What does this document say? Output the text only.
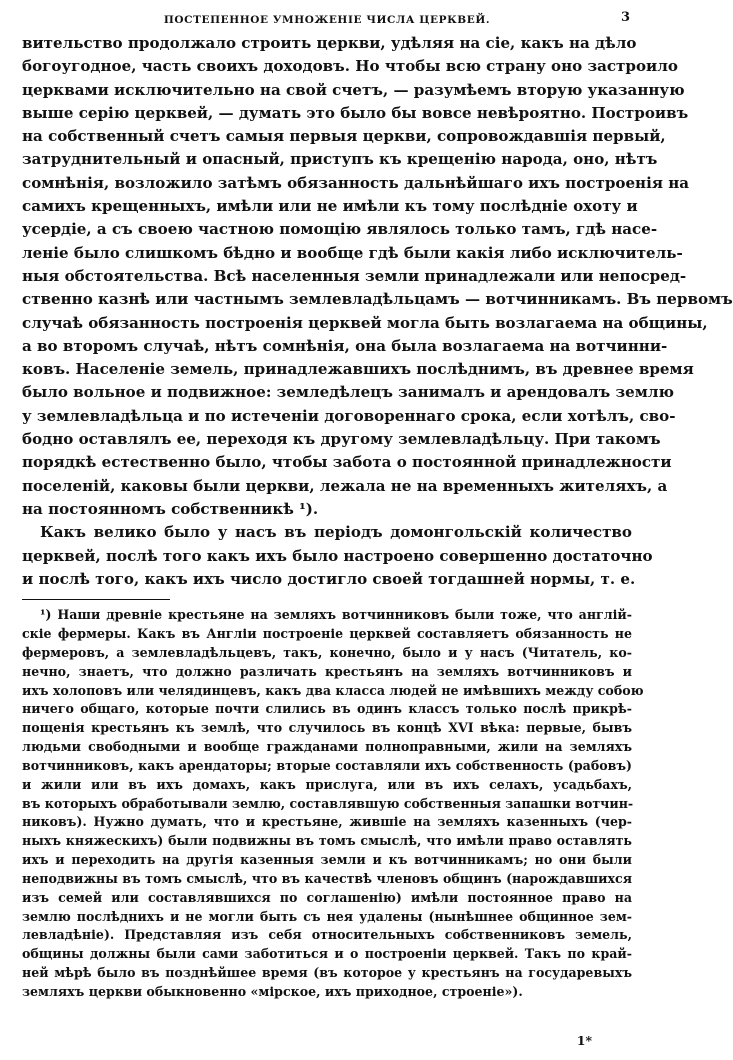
ПОСТЕПЕННОЕ УМНОЖЕНІЕ ЧИСЛА ЦЕРКВЕЙ.	3

вительство продолжало строить церкви, удѣляя на сіе, какъ на дѣло
богоугодное, часть своихъ доходовъ. Но чтобы всю страну оно застроило
церквами исключительно на свой счетъ, — разумѣемъ вторую указанную
выше серію церквей, — думать это было бы вовсе невѣроятно. Построивъ
на собственный счетъ самыя первыя церкви, сопровождавшія первый,
затруднительный и опасный, приступъ къ крещенію народа, оно, нѣтъ
сомнѣнія, возложило затѣмъ обязанность дальнѣйшаго ихъ построенія на
самихъ крещенныхъ, имѣли или не имѣли къ тому послѣдніе охоту и
усердіе, а съ своею частною помощію являлось только тамъ, гдѣ насе-
леніе было слишкомъ бѣдно и вообще гдѣ были какія либо исключитель-
ныя обстоятельства. Всѣ населенныя земли принадлежали или непосред-
ственно казнѣ или частнымъ землевладѣльцамъ — вотчинникамъ. Въ первомъ
случаѣ обязанность построенія церквей могла быть возлагаема на общины,
а во второмъ случаѣ, нѣтъ сомнѣнія, она была возлагаема на вотчинни-
ковъ. Населеніе земель, принадлежавшихъ послѣднимъ, въ древнее время
было вольное и подвижное: земледѣлецъ занималъ и арендовалъ землю
у землевладѣльца и по истеченіи договореннаго срока, если хотѣлъ, сво-
бодно оставлялъ ее, переходя къ другому землевладѣльцу. При такомъ
порядкѣ естественно было, чтобы забота о постоянной принадлежности
поселеній, каковы были церкви, лежала не на временныхъ жителяхъ, а
на постоянномъ собственникѣ ¹).

Какъ велико было у насъ въ періодъ домонгольскій количество
церквей, послѣ того какъ ихъ было настроено совершенно достаточно
и послѣ того, какъ ихъ число достигло своей тогдашней нормы, т. е.

¹) Наши древніе крестьяне на земляхъ вотчинниковъ были тоже, что англій-
скіе фермеры. Какъ въ Англіи построеніе церквей составляетъ обязанность не
фермеровъ, а землевладѣльцевъ, такъ, конечно, было и у насъ (Читатель, ко-
нечно, знаетъ, что должно различать крестьянъ на земляхъ вотчинниковъ и
ихъ холоповъ или челядинцевъ, какъ два класса людей не имѣвшихъ между собою
ничего общаго, которые почти слились въ одинъ классъ только послѣ прикрѣ-
пощенія крестьянъ къ землѣ, что случилось въ концѣ XVI вѣка: первые, бывъ
людьми свободными и вообще гражданами полноправными, жили на земляхъ
вотчинниковъ, какъ арендаторы; вторые составляли ихъ собственность (рабовъ)
и жили или въ ихъ домахъ, какъ прислуга, или въ ихъ селахъ, усадьбахъ,
въ которыхъ обработывали землю, составлявшую собственныя запашки вотчин-
никовъ). Нужно думать, что и крестьяне, жившіе на земляхъ казенныхъ (чер-
ныхъ княжескихъ) были подвижны въ томъ смыслѣ, что имѣли право оставлять
ихъ и переходить на другія казенныя земли и къ вотчинникамъ; но они были
неподвижны въ томъ смыслѣ, что въ качествѣ членовъ общинъ (нарождавшихся
изъ семей или составлявшихся по соглашенію) имѣли постоянное право на
землю послѣднихъ и не могли быть съ нея удалены (нынѣшнее общинное зем-
левладѣніе). Представляя изъ себя относительныхъ собственниковъ земель,
общины должны были сами заботиться и о построеніи церквей. Такъ по край-
ней мѣрѣ было въ позднѣйшее время (въ которое у крестьянъ на государевыхъ
земляхъ церкви обыкновенно «мірское, ихъ приходное, строеніе»).
1*
